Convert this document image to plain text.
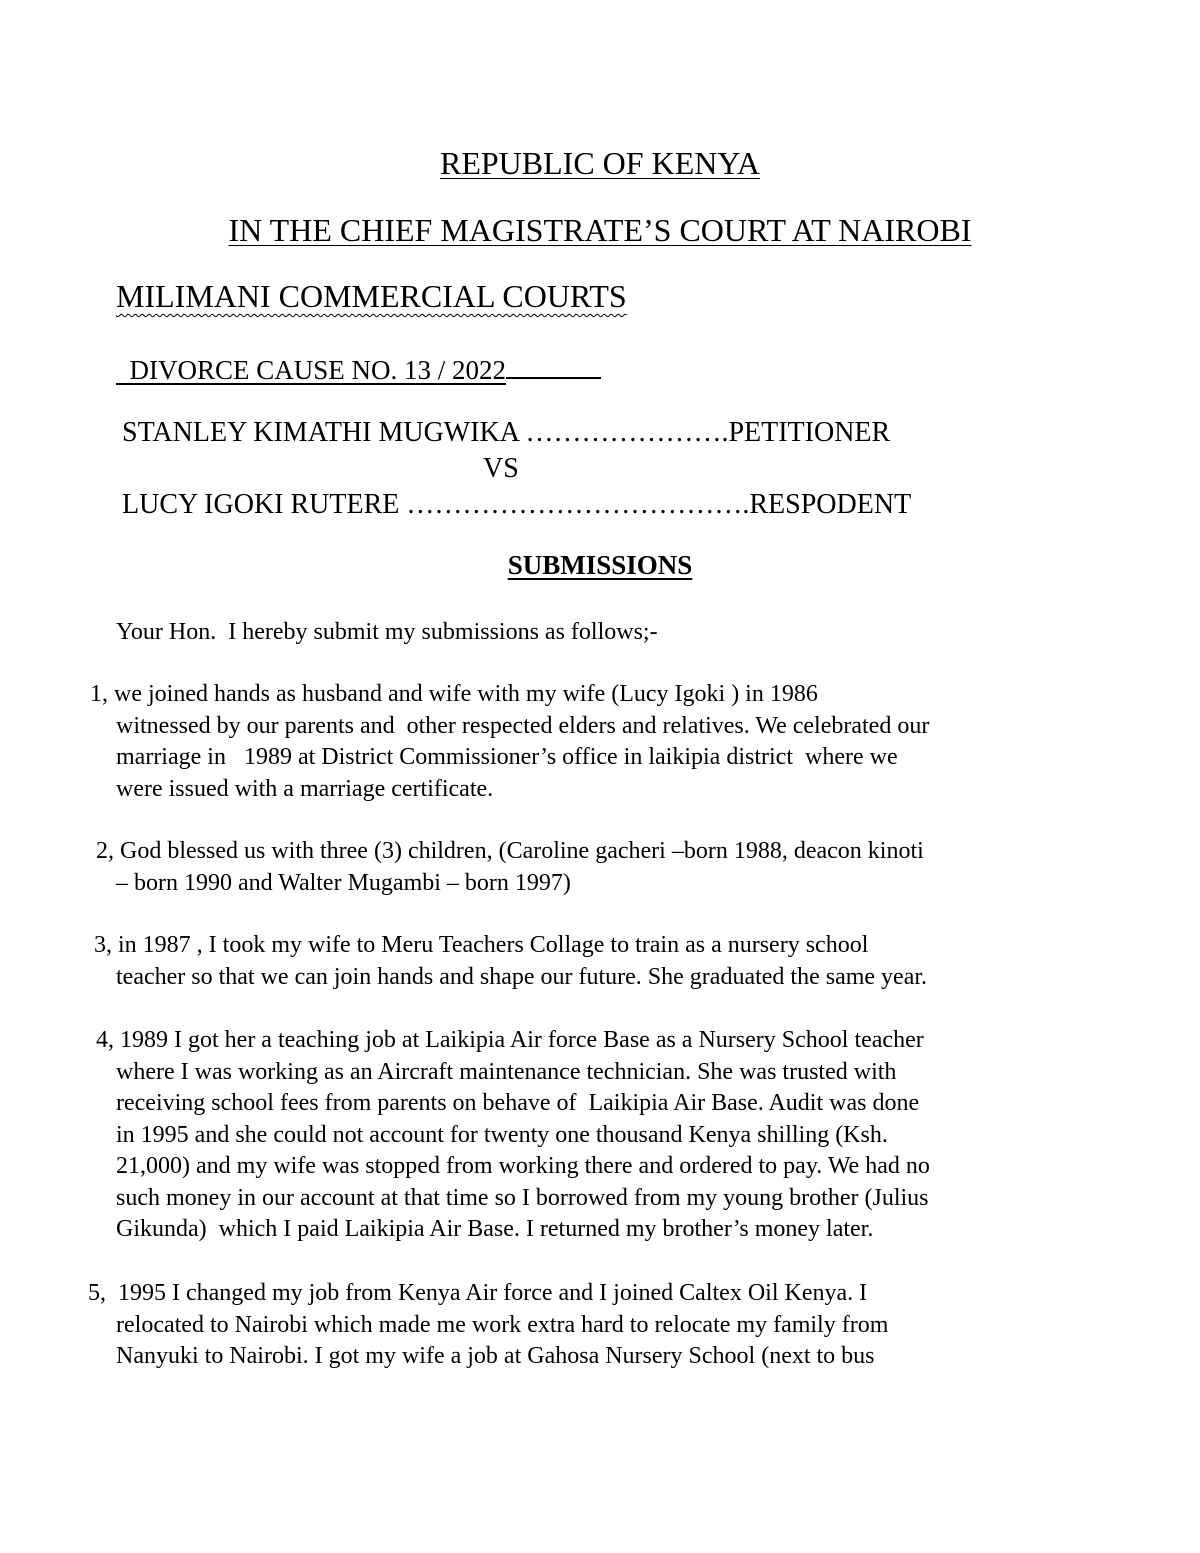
REPUBLIC OF KENYA
IN THE CHIEF MAGISTRATE’S COURT AT NAIROBI
MILIMANI COMMERCIAL COURTS
DIVORCE CAUSE NO. 13 / 2022
STANLEY KIMATHI MUGWIKA ………………….PETITIONER
VS
LUCY IGOKI RUTERE ……………………………….RESPODENT
SUBMISSIONS
Your Hon.  I hereby submit my submissions as follows;-
1, we joined hands as husband and wife with my wife (Lucy Igoki ) in 1986
witnessed by our parents and  other respected elders and relatives. We celebrated our
marriage in   1989 at District Commissioner’s office in laikipia district  where we
were issued with a marriage certificate.
2, God blessed us with three (3) children, (Caroline gacheri –born 1988, deacon kinoti
– born 1990 and Walter Mugambi – born 1997)
3, in 1987 , I took my wife to Meru Teachers Collage to train as a nursery school
teacher so that we can join hands and shape our future. She graduated the same year.
4, 1989 I got her a teaching job at Laikipia Air force Base as a Nursery School teacher
where I was working as an Aircraft maintenance technician. She was trusted with
receiving school fees from parents on behave of  Laikipia Air Base. Audit was done
in 1995 and she could not account for twenty one thousand Kenya shilling (Ksh.
21,000) and my wife was stopped from working there and ordered to pay. We had no
such money in our account at that time so I borrowed from my young brother (Julius
Gikunda)  which I paid Laikipia Air Base. I returned my brother’s money later.
5,  1995 I changed my job from Kenya Air force and I joined Caltex Oil Kenya. I
relocated to Nairobi which made me work extra hard to relocate my family from
Nanyuki to Nairobi. I got my wife a job at Gahosa Nursery School (next to bus
